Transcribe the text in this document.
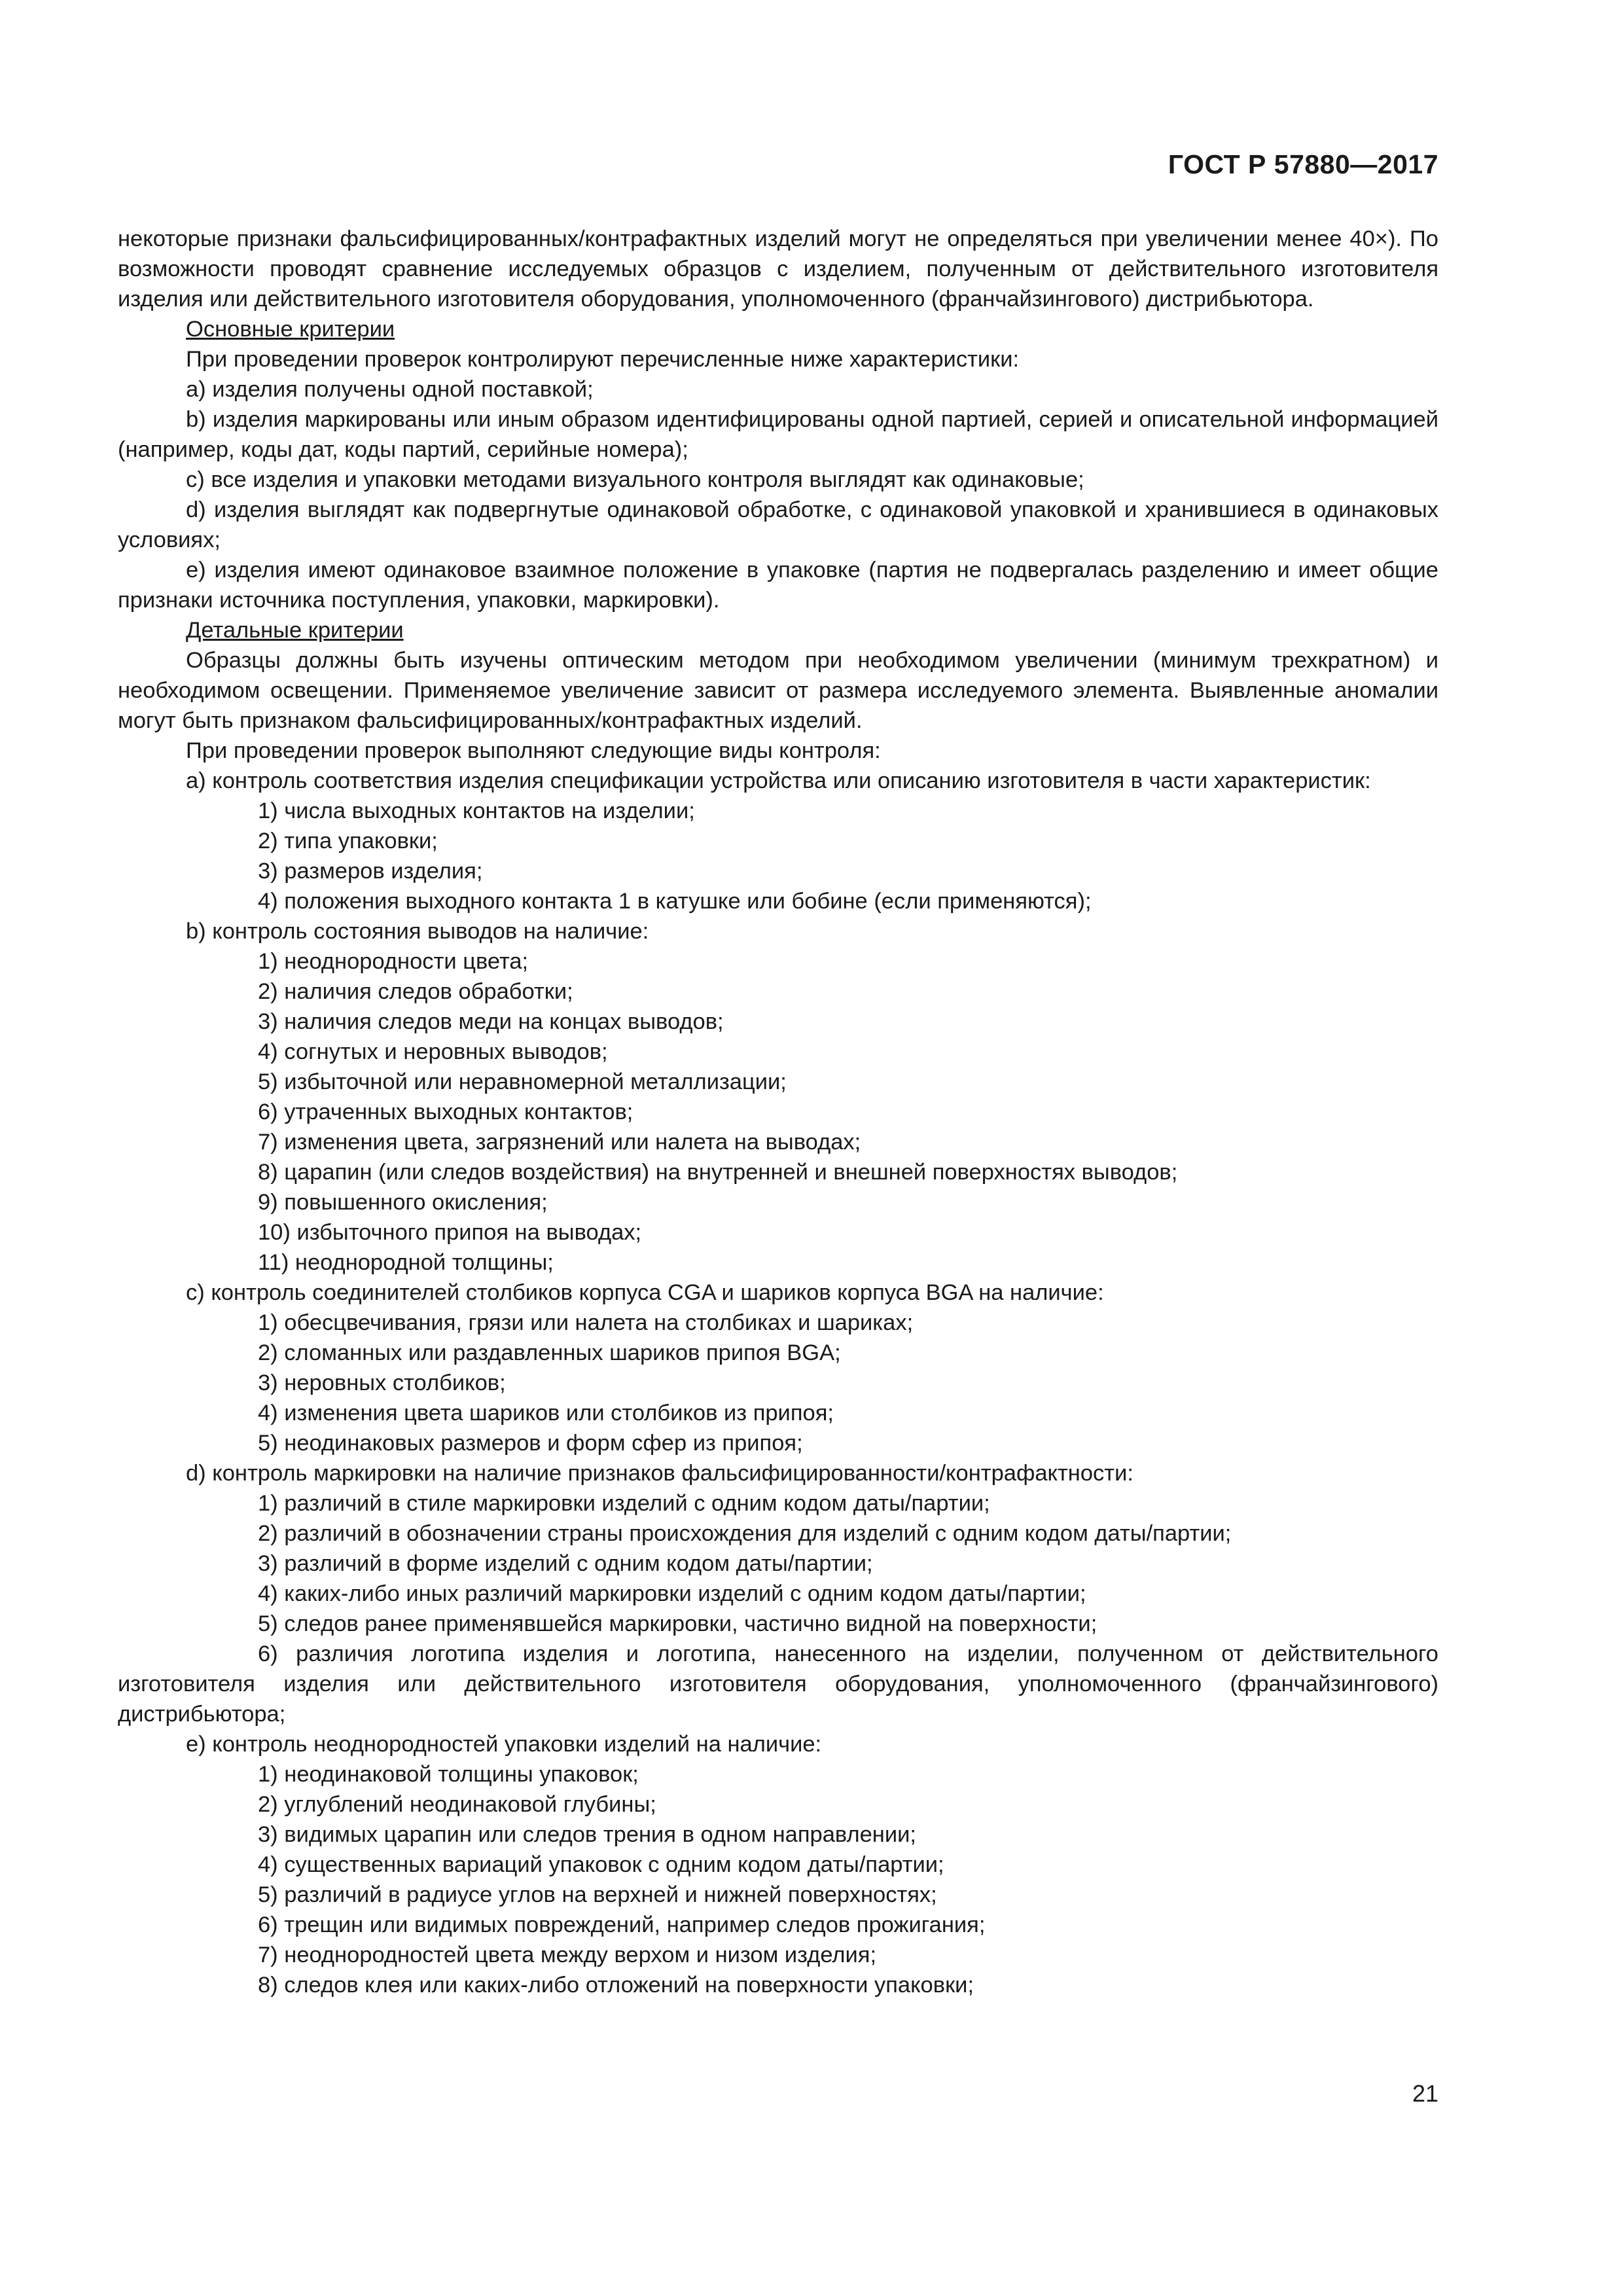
ГОСТ Р 57880—2017
некоторые признаки фальсифицированных/контрафактных изделий могут не определяться при увеличении менее 40×). По возможности проводят сравнение исследуемых образцов с изделием, полученным от действительного изготовителя изделия или действительного изготовителя оборудования, уполномоченного (франчайзингового) дистрибьютора.
Основные критерии
При проведении проверок контролируют перечисленные ниже характеристики:
a) изделия получены одной поставкой;
b) изделия маркированы или иным образом идентифицированы одной партией, серией и описательной информацией (например, коды дат, коды партий, серийные номера);
c) все изделия и упаковки методами визуального контроля выглядят как одинаковые;
d) изделия выглядят как подвергнутые одинаковой обработке, с одинаковой упаковкой и хранившиеся в одинаковых условиях;
e) изделия имеют одинаковое взаимное положение в упаковке (партия не подвергалась разделению и имеет общие признаки источника поступления, упаковки, маркировки).
Детальные критерии
Образцы должны быть изучены оптическим методом при необходимом увеличении (минимум трехкратном) и необходимом освещении. Применяемое увеличение зависит от размера исследуемого элемента. Выявленные аномалии могут быть признаком фальсифицированных/контрафактных изделий.
При проведении проверок выполняют следующие виды контроля:
a) контроль соответствия изделия спецификации устройства или описанию изготовителя в части характеристик:
1) числа выходных контактов на изделии;
2) типа упаковки;
3) размеров изделия;
4) положения выходного контакта 1 в катушке или бобине (если применяются);
b) контроль состояния выводов на наличие:
1) неоднородности цвета;
2) наличия следов обработки;
3) наличия следов меди на концах выводов;
4) согнутых и неровных выводов;
5) избыточной или неравномерной металлизации;
6) утраченных выходных контактов;
7) изменения цвета, загрязнений или налета на выводах;
8) царапин (или следов воздействия) на внутренней и внешней поверхностях выводов;
9) повышенного окисления;
10) избыточного припоя на выводах;
11) неоднородной толщины;
c) контроль соединителей столбиков корпуса CGA и шариков корпуса BGA на наличие:
1) обесцвечивания, грязи или налета на столбиках и шариках;
2) сломанных или раздавленных шариков припоя BGA;
3) неровных столбиков;
4) изменения цвета шариков или столбиков из припоя;
5) неодинаковых размеров и форм сфер из припоя;
d) контроль маркировки на наличие признаков фальсифицированности/контрафактности:
1) различий в стиле маркировки изделий с одним кодом даты/партии;
2) различий в обозначении страны происхождения для изделий с одним кодом даты/партии;
3) различий в форме изделий с одним кодом даты/партии;
4) каких-либо иных различий маркировки изделий с одним кодом даты/партии;
5) следов ранее применявшейся маркировки, частично видной на поверхности;
6) различия логотипа изделия и логотипа, нанесенного на изделии, полученном от действительного изготовителя изделия или действительного изготовителя оборудования, уполномоченного (франчайзингового) дистрибьютора;
e) контроль неоднородностей упаковки изделий на наличие:
1) неодинаковой толщины упаковок;
2) углублений неодинаковой глубины;
3) видимых царапин или следов трения в одном направлении;
4) существенных вариаций упаковок с одним кодом даты/партии;
5) различий в радиусе углов на верхней и нижней поверхностях;
6) трещин или видимых повреждений, например следов прожигания;
7) неоднородностей цвета между верхом и низом изделия;
8) следов клея или каких-либо отложений на поверхности упаковки;
21
